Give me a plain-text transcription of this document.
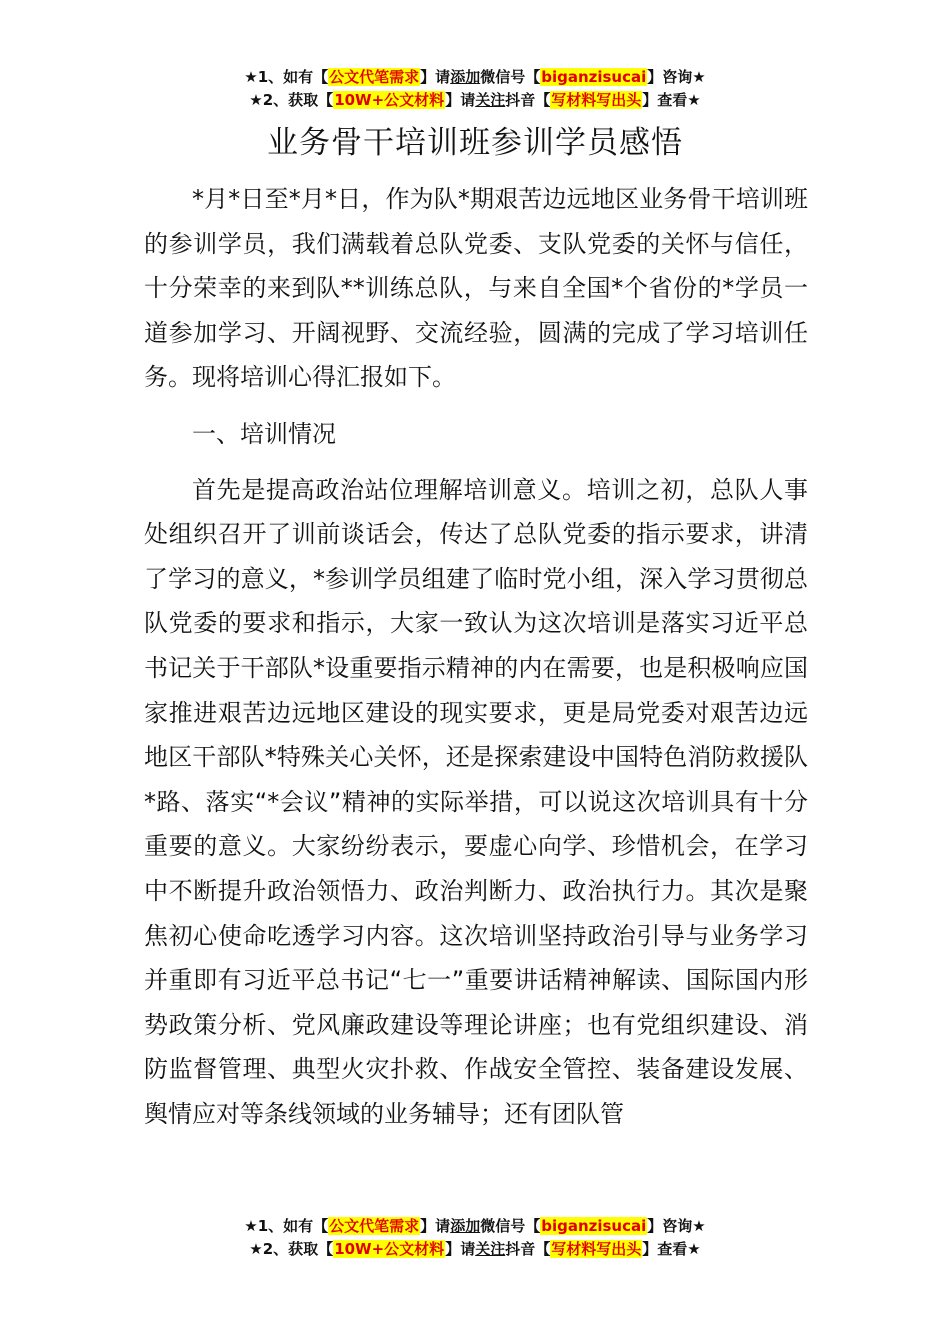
★1、如有【公文代笔需求】请添加微信号【biganzisucai】咨询★
★2、获取【10W+公文材料】请关注抖音【写材料写出头】查看★
业务骨干培训班参训学员感悟

*月*日至*月*日，作为队*期艰苦边远地区业务骨干培训班的参训学员，我们满载着总队党委、支队党委的关怀与信任，十分荣幸的来到队**训练总队，与来自全国*个省份的*学员一道参加学习、开阔视野、交流经验，圆满的完成了学习培训任务。现将培训心得汇报如下。

一、培训情况

首先是提高政治站位理解培训意义。培训之初，总队人事处组织召开了训前谈话会，传达了总队党委的指示要求，讲清了学习的意义，*参训学员组建了临时党小组，深入学习贯彻总队党委的要求和指示，大家一致认为这次培训是落实习近平总书记关于干部队*设重要指示精神的内在需要，也是积极响应国家推进艰苦边远地区建设的现实要求，更是局党委对艰苦边远地区干部队*特殊关心关怀，还是探索建设中国特色消防救援队*路、落实“*会议”精神的实际举措，可以说这次培训具有十分重要的意义。大家纷纷表示，要虚心向学、珍惜机会，在学习中不断提升政治领悟力、政治判断力、政治执行力。其次是聚焦初心使命吃透学习内容。这次培训坚持政治引导与业务学习并重即有习近平总书记“七一”重要讲话精神解读、国际国内形势政策分析、党风廉政建设等理论讲座；也有党组织建设、消防监督管理、典型火灾扑救、作战安全管控、装备建设发展、舆情应对等条线领域的业务辅导；还有团队管

★1、如有【公文代笔需求】请添加微信号【biganzisucai】咨询★
★2、获取【10W+公文材料】请关注抖音【写材料写出头】查看★
